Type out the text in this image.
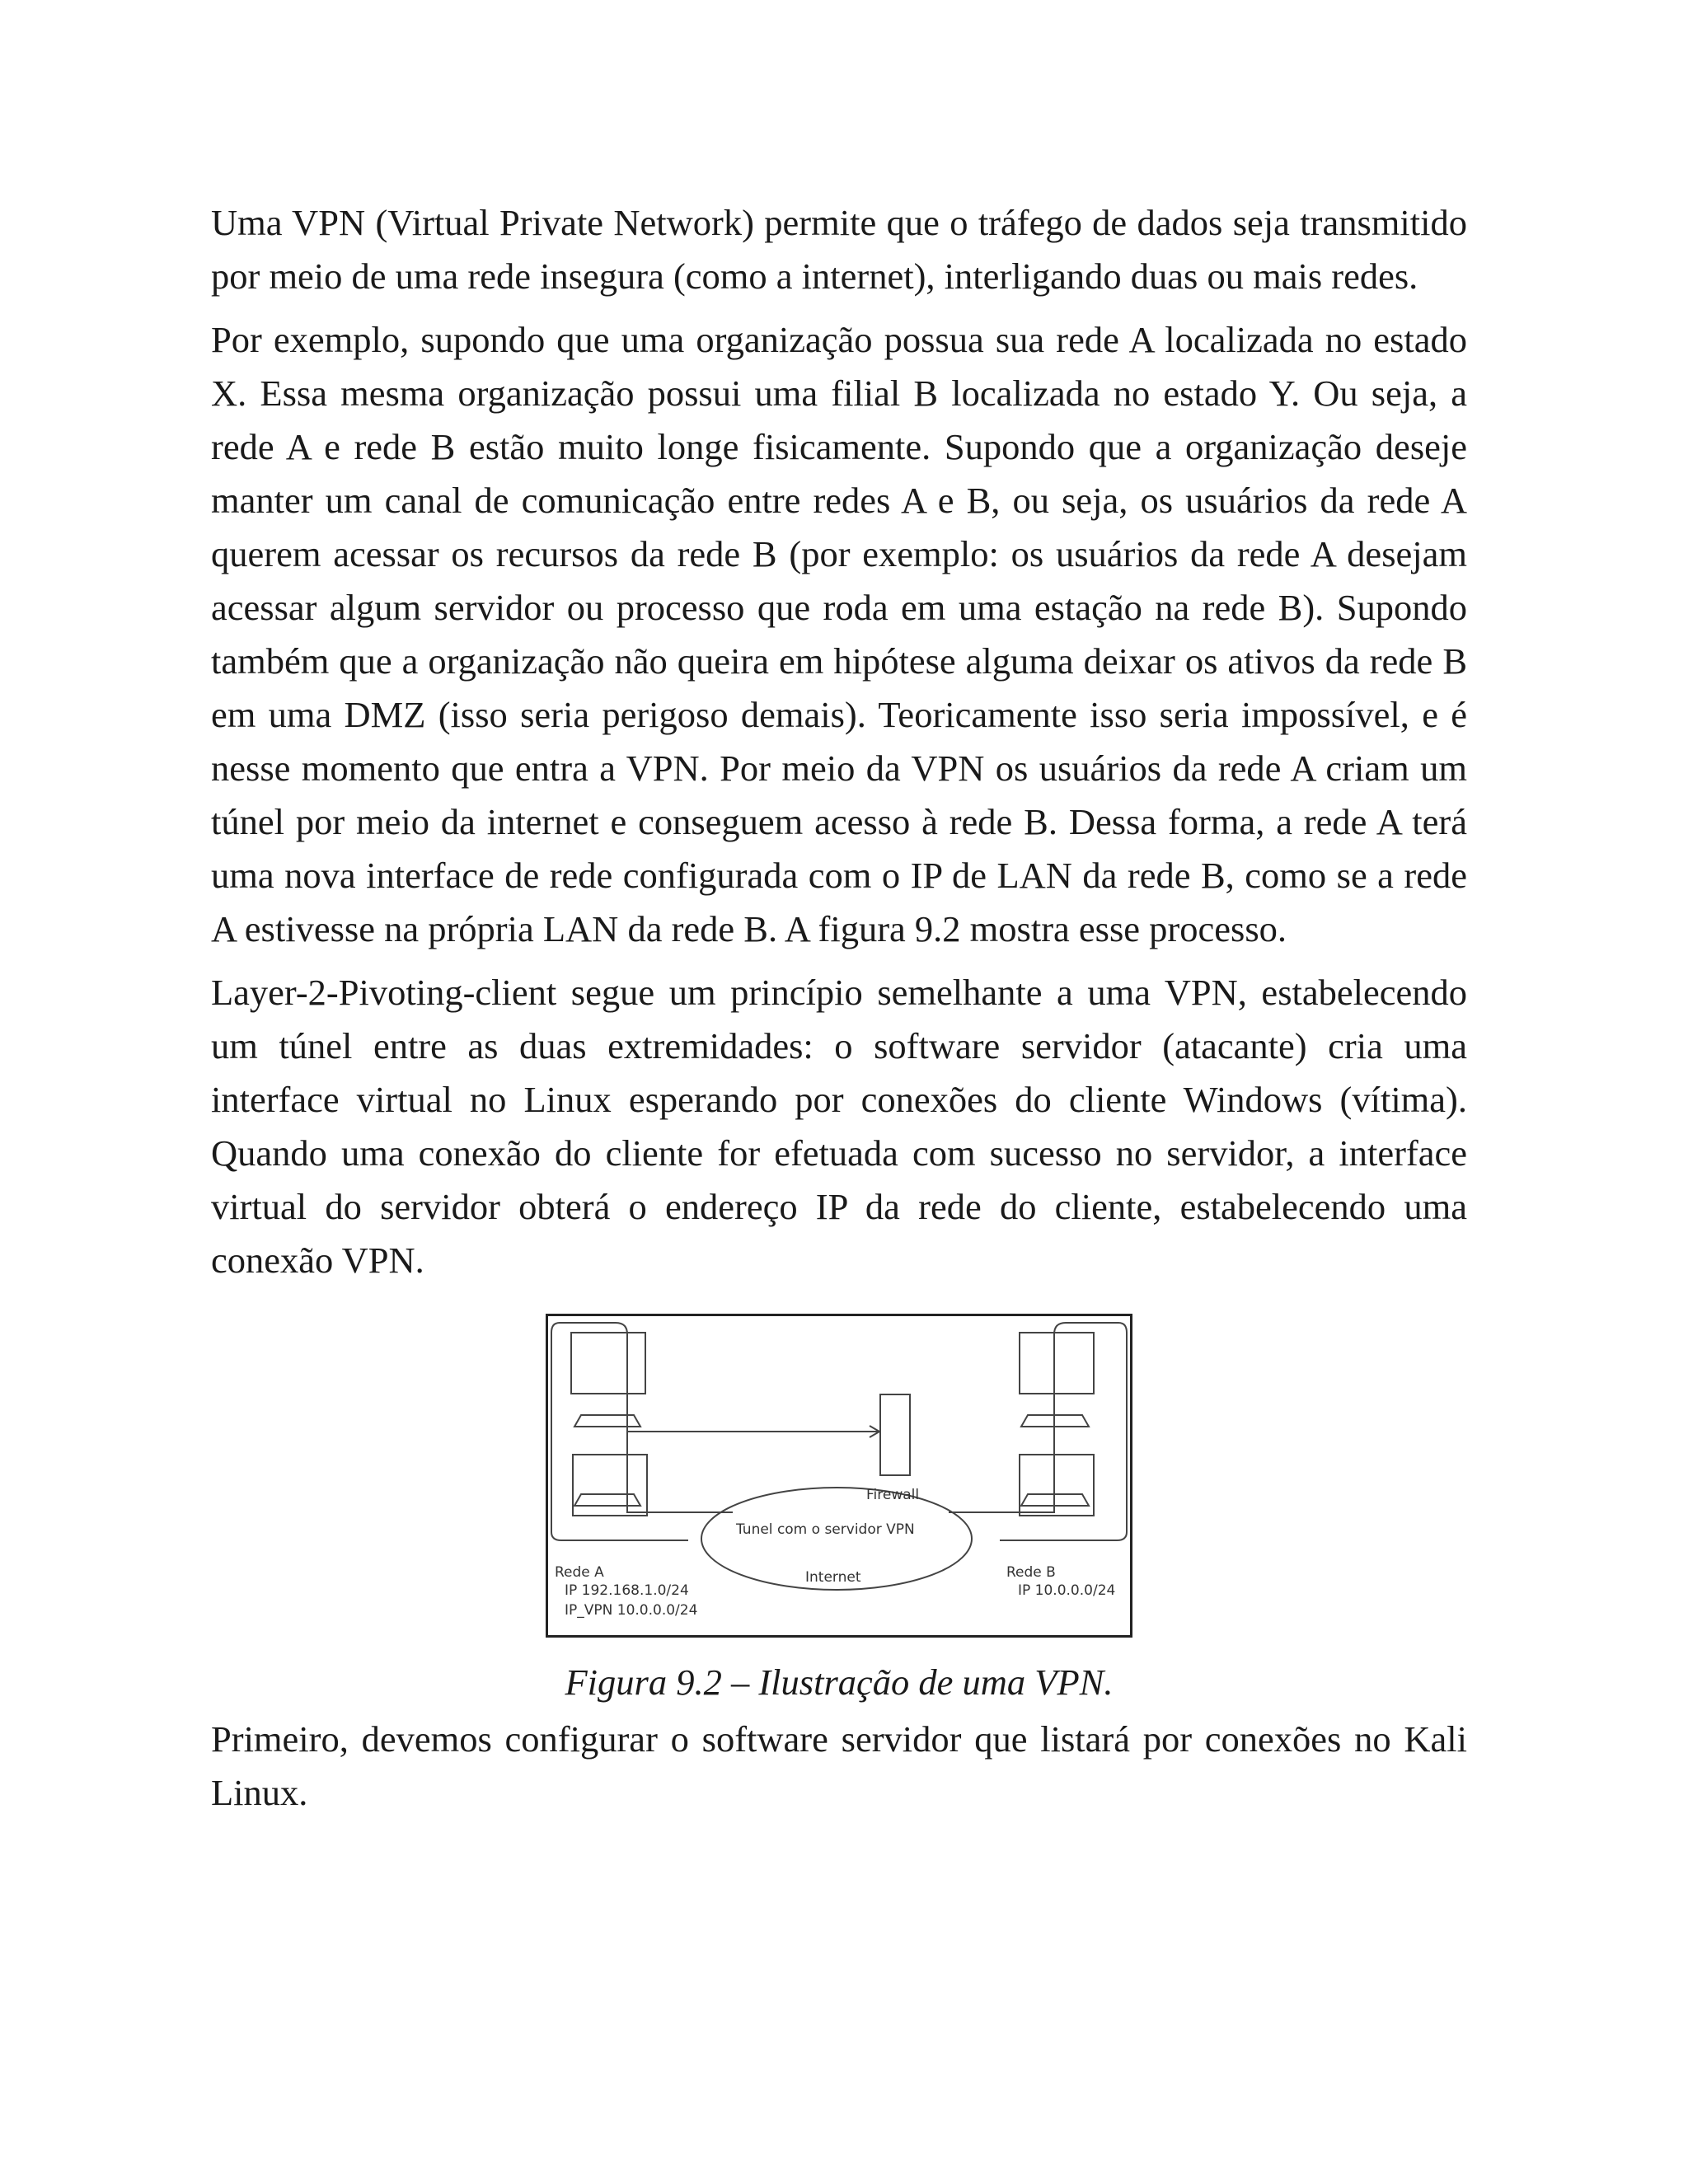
Uma VPN (Virtual Private Network) permite que o tráfego de dados seja transmitido por meio de uma rede insegura (como a internet), interligando duas ou mais redes.

Por exemplo, supondo que uma organização possua sua rede A localizada no estado X. Essa mesma organização possui uma filial B localizada no estado Y. Ou seja, a rede A e rede B estão muito longe fisicamente. Supondo que a organização deseje manter um canal de comunicação entre redes A e B, ou seja, os usuários da rede A querem acessar os recursos da rede B (por exemplo: os usuários da rede A desejam acessar algum servidor ou processo que roda em uma estação na rede B). Supondo também que a organização não queira em hipótese alguma deixar os ativos da rede B em uma DMZ (isso seria perigoso demais). Teoricamente isso seria impossível, e é nesse momento que entra a VPN. Por meio da VPN os usuários da rede A criam um túnel por meio da internet e conseguem acesso à rede B. Dessa forma, a rede A terá uma nova interface de rede configurada com o IP de LAN da rede B, como se a rede A estivesse na própria LAN da rede B. A figura 9.2 mostra esse processo.

Layer-2-Pivoting-client segue um princípio semelhante a uma VPN, estabelecendo um túnel entre as duas extremidades: o software servidor (atacante) cria uma interface virtual no Linux esperando por conexões do cliente Windows (vítima). Quando uma conexão do cliente for efetuada com sucesso no servidor, a interface virtual do servidor obterá o endereço IP da rede do cliente, estabelecendo uma conexão VPN.

Firewall
Tunel com o servidor VPN
Internet
Rede A
IP 192.168.1.0/24
IP_VPN 10.0.0.0/24
Rede B
IP 10.0.0.0/24

Figura 9.2 – Ilustração de uma VPN.

Primeiro, devemos configurar o software servidor que listará por conexões no Kali Linux.
